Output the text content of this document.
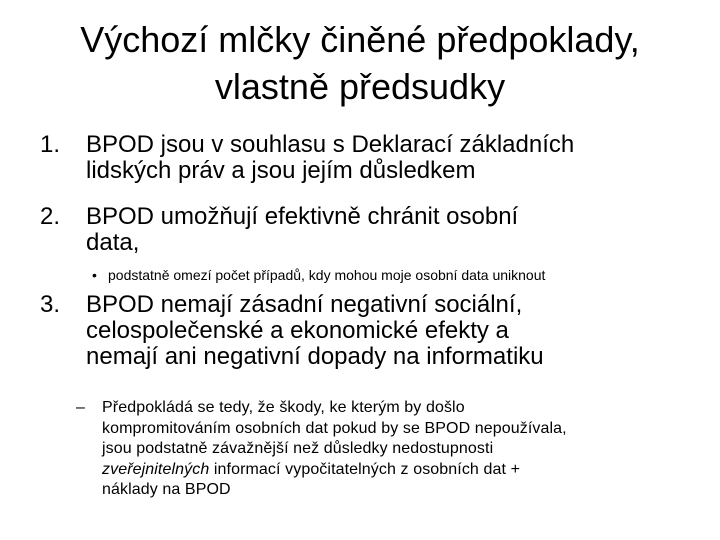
Výchozí mlčky činěné předpoklady,
vlastně předsudky
1. BPOD jsou v souhlasu s Deklarací základních
lidských práv a jsou jejím důsledkem
2. BPOD umožňují efektivně chránit osobní
data,
• podstatně omezí počet případů, kdy mohou moje osobní data uniknout
3. BPOD nemají zásadní negativní sociální,
celospolečenské a ekonomické efekty a
nemají ani negativní dopady na informatiku
– Předpokládá se tedy, že škody, ke kterým by došlo
kompromitováním osobních dat pokud by se BPOD nepoužívala,
jsou podstatně závažnější než důsledky nedostupnosti
zveřejnitelných informací vypočitatelných z osobních dat +
náklady na BPOD
